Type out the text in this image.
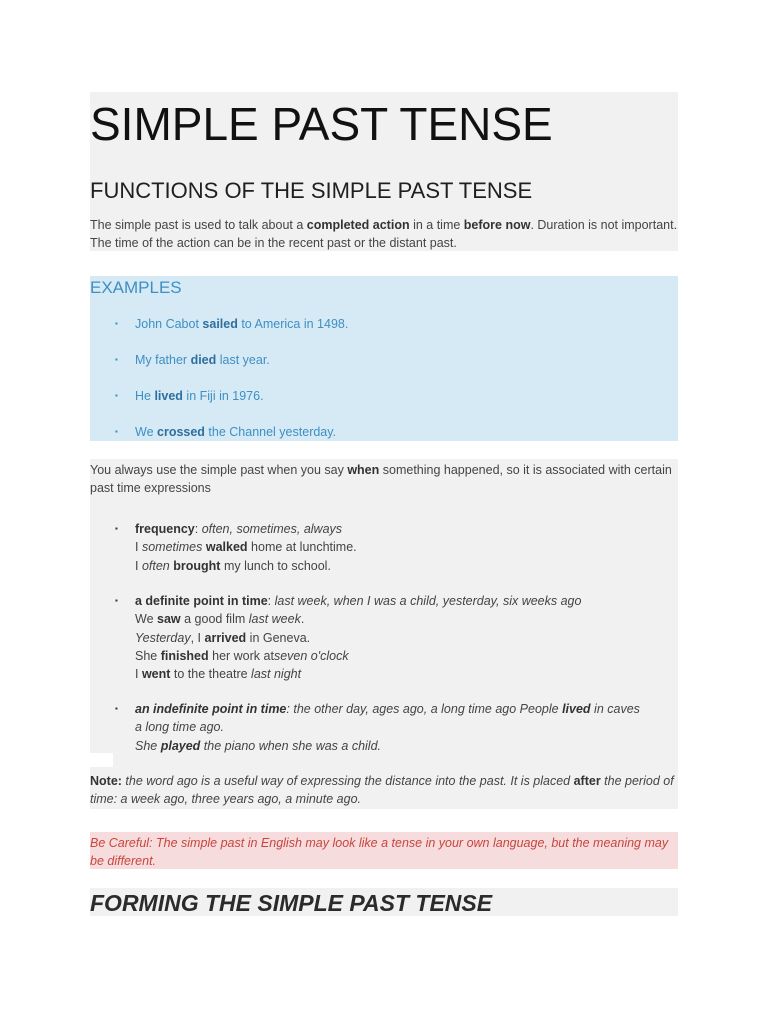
SIMPLE PAST TENSE
FUNCTIONS OF THE SIMPLE PAST TENSE

The simple past is used to talk about a completed action in a time before now. Duration is not important. The time of the action can be in the recent past or the distant past.

EXAMPLES
▪ John Cabot sailed to America in 1498.
▪ My father died last year.
▪ He lived in Fiji in 1976.
▪ We crossed the Channel yesterday.

You always use the simple past when you say when something happened, so it is associated with certain past time expressions

▪ frequency: often, sometimes, always
I sometimes walked home at lunchtime.
I often brought my lunch to school.
▪ a definite point in time: last week, when I was a child, yesterday, six weeks ago
We saw a good film last week.
Yesterday, I arrived in Geneva.
She finished her work atseven o'clock
I went to the theatre last night
▪ an indefinite point in time: the other day, ages ago, a long time ago People lived in caves
a long time ago.
She played the piano when she was a child.

Note: the word ago is a useful way of expressing the distance into the past. It is placed after the period of time: a week ago, three years ago, a minute ago.

Be Careful: The simple past in English may look like a tense in your own language, but the meaning may be different.

FORMING THE SIMPLE PAST TENSE
